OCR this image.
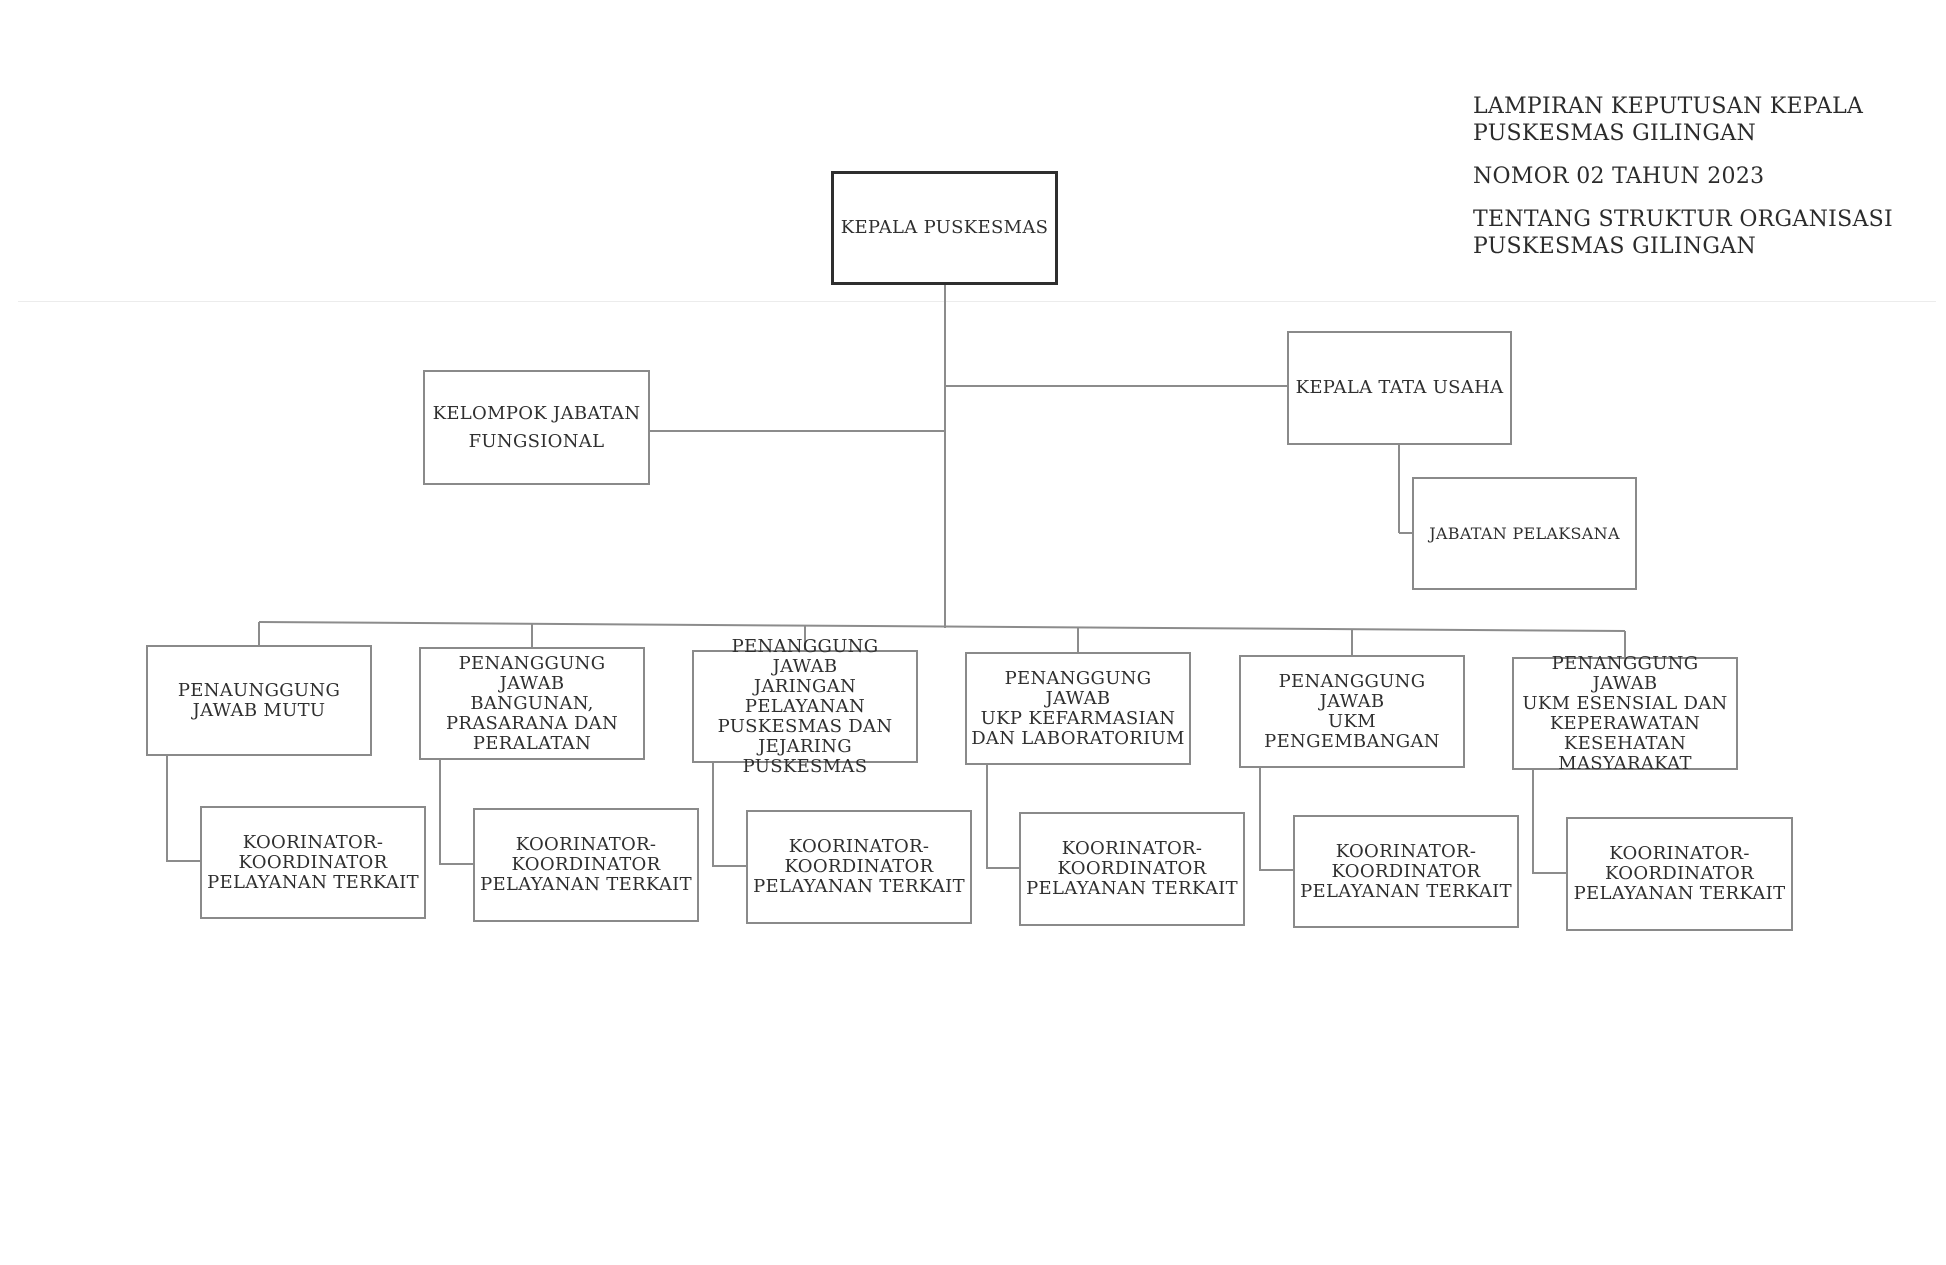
LAMPIRAN KEPUTUSAN KEPALA
PUSKESMAS GILINGAN

NOMOR 02 TAHUN 2023

TENTANG STRUKTUR ORGANISASI
PUSKESMAS GILINGAN

KEPALA PUSKESMAS
KELOMPOK JABATAN
FUNGSIONAL
KEPALA TATA USAHA
JABATAN PELAKSANA
PENAUNGGUNG
JAWAB MUTU
KOORINATOR-
KOORDINATOR
PELAYANAN TERKAIT
PENANGGUNG JAWAB
BANGUNAN,
PRASARANA DAN
PERALATAN
KOORINATOR-
KOORDINATOR
PELAYANAN TERKAIT
PENANGGUNG JAWAB
JARINGAN PELAYANAN
PUSKESMAS DAN
JEJARING
PUSKESMAS
KOORINATOR-
KOORDINATOR
PELAYANAN TERKAIT
PENANGGUNG JAWAB
UKP KEFARMASIAN
DAN LABORATORIUM
KOORINATOR-
KOORDINATOR
PELAYANAN TERKAIT
PENANGGUNG JAWAB
UKM PENGEMBANGAN
KOORINATOR-
KOORDINATOR
PELAYANAN TERKAIT
PENANGGUNG JAWAB
UKM ESENSIAL DAN
KEPERAWATAN
KESEHATAN
MASYARAKAT
KOORINATOR-
KOORDINATOR
PELAYANAN TERKAIT
